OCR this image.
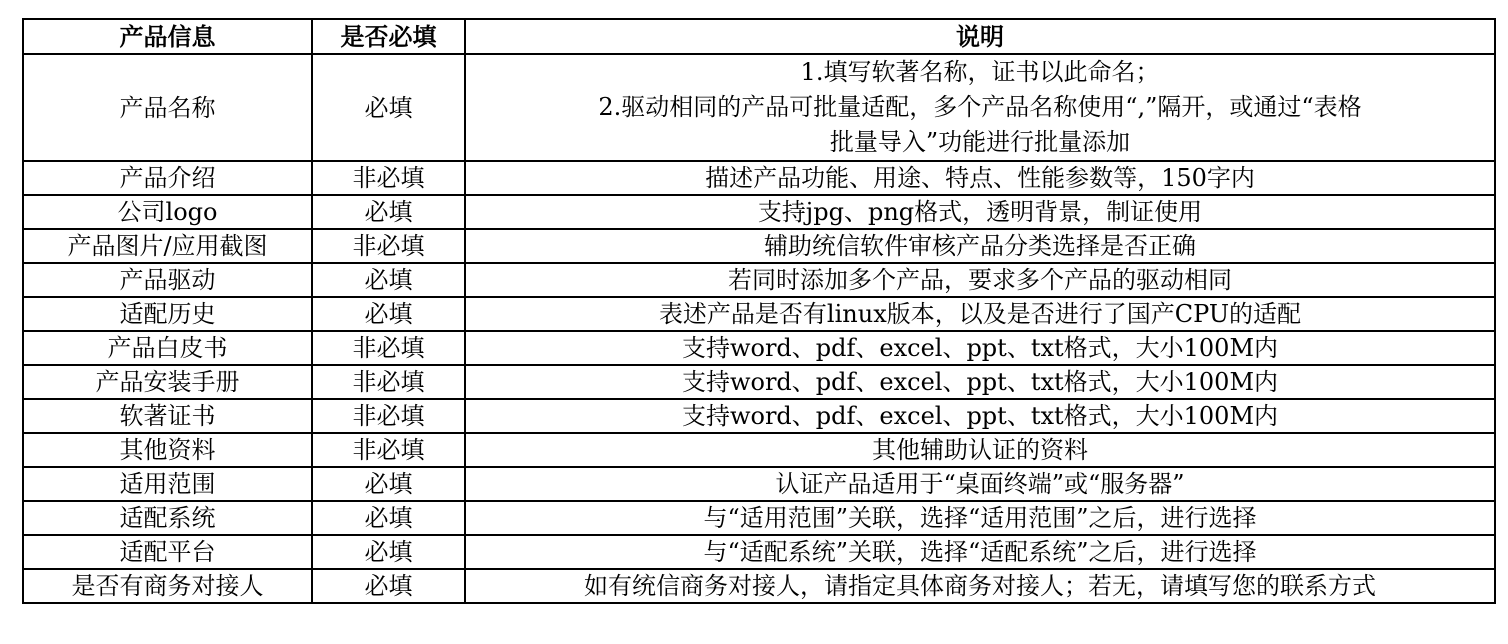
产品信息	是否必填	说明
产品名称	必填	1.填写软著名称，证书以此命名；
2.驱动相同的产品可批量适配，多个产品名称使用“,”隔开，或通过“表格
批量导入”功能进行批量添加

产品介绍	非必填	描述产品功能、用途、特点、性能参数等，150字内
公司logo	必填	支持jpg、png格式，透明背景，制证使用
产品图片/应用截图	非必填	辅助统信软件审核产品分类选择是否正确
产品驱动	必填	若同时添加多个产品，要求多个产品的驱动相同
适配历史	必填	表述产品是否有linux版本，以及是否进行了国产CPU的适配
产品白皮书	非必填	支持word、pdf、excel、ppt、txt格式，大小100M内
产品安装手册	非必填	支持word、pdf、excel、ppt、txt格式，大小100M内
软著证书	非必填	支持word、pdf、excel、ppt、txt格式，大小100M内
其他资料	非必填	其他辅助认证的资料
适用范围	必填	认证产品适用于“桌面终端”或“服务器”
适配系统	必填	与“适用范围”关联，选择“适用范围”之后，进行选择
适配平台	必填	与“适配系统”关联，选择“适配系统”之后，进行选择
是否有商务对接人	必填	如有统信商务对接人，请指定具体商务对接人；若无，请填写您的联系方式
